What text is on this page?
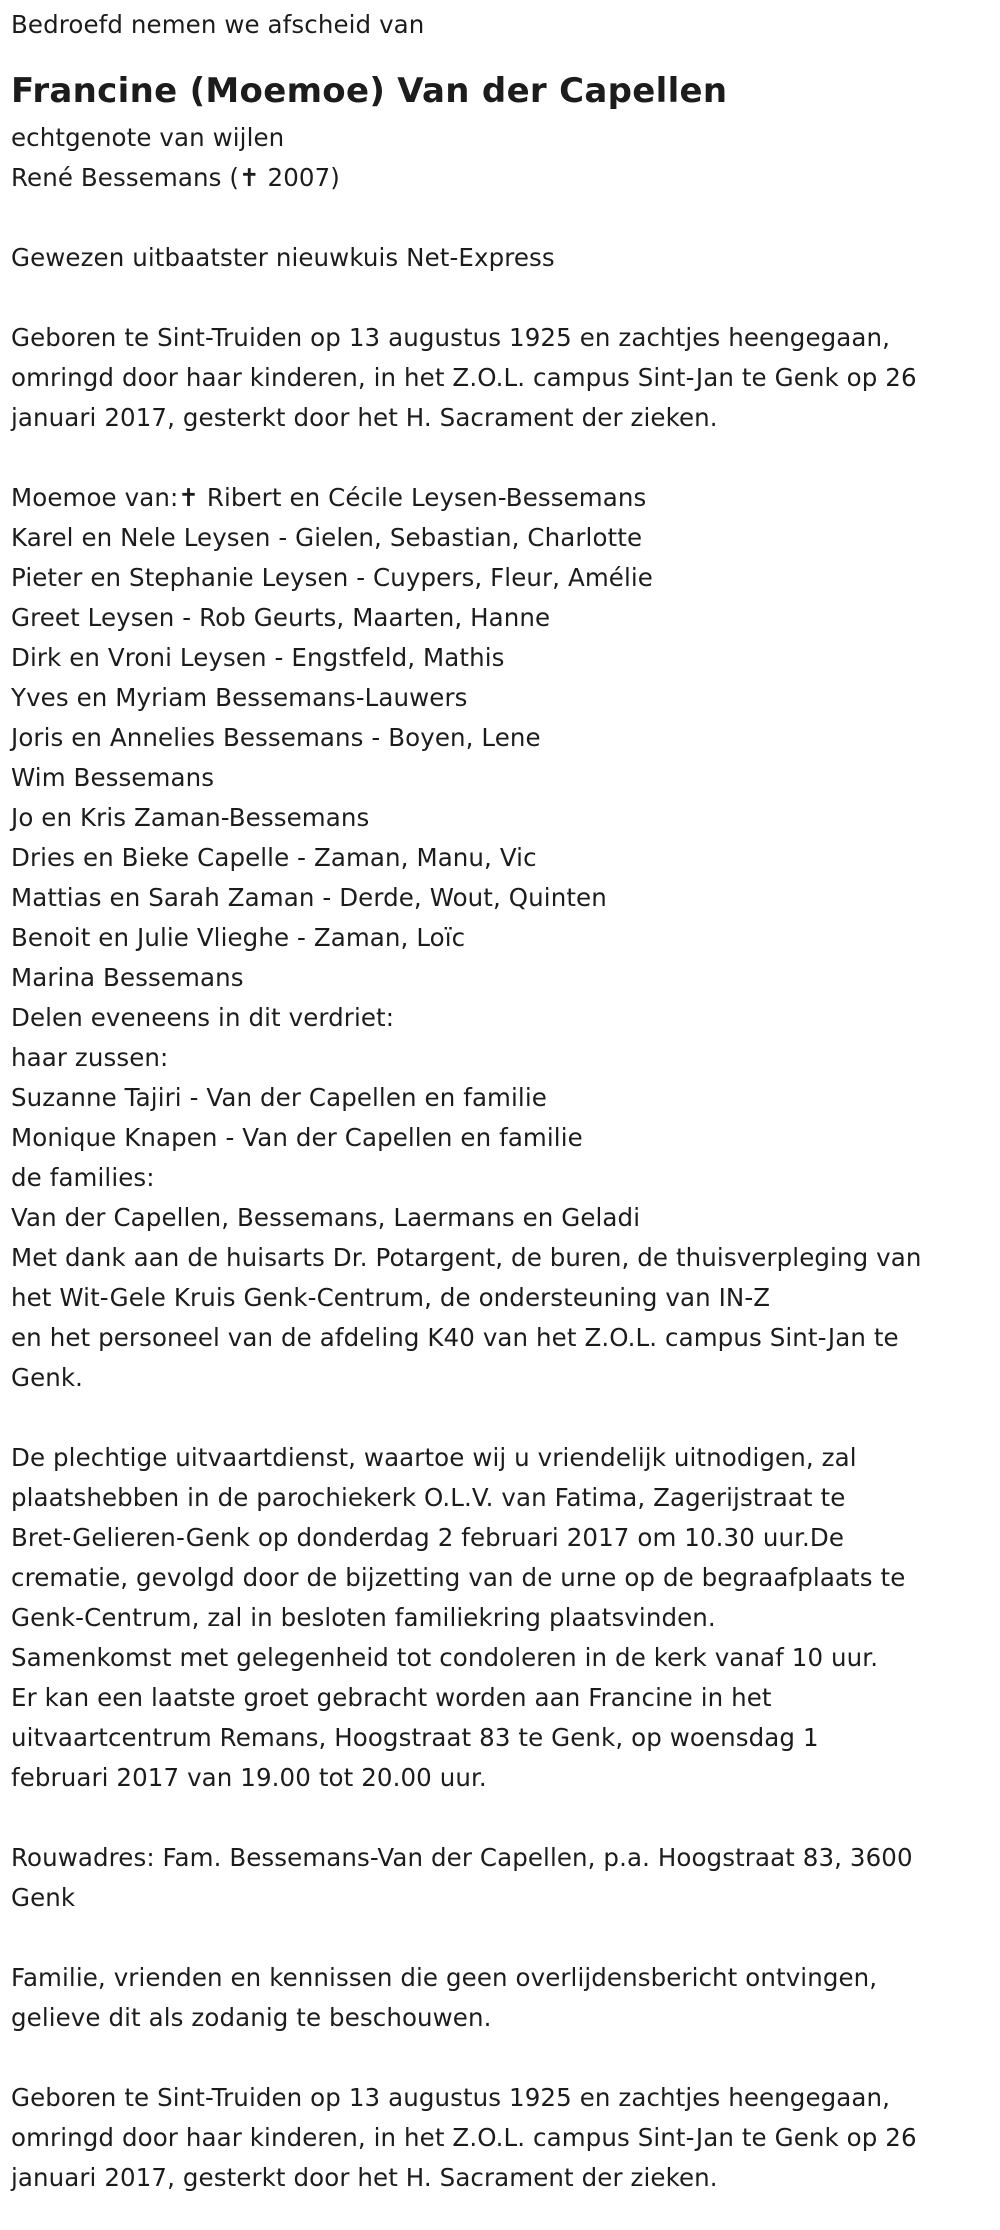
Bedroefd nemen we afscheid van
Francine (Moemoe) Van der Capellen
echtgenote van wijlen
René Bessemans (✝ 2007)
Gewezen uitbaatster nieuwkuis Net-Express
Geboren te Sint-Truiden op 13 augustus 1925 en zachtjes heengegaan,
omringd door haar kinderen, in het Z.O.L. campus Sint-Jan te Genk op 26
januari 2017, gesterkt door het H. Sacrament der zieken.
Moemoe van:✝ Ribert en Cécile Leysen-Bessemans
Karel en Nele Leysen - Gielen, Sebastian, Charlotte
Pieter en Stephanie Leysen - Cuypers, Fleur, Amélie
Greet Leysen - Rob Geurts, Maarten, Hanne
Dirk en Vroni Leysen - Engstfeld, Mathis
Yves en Myriam Bessemans-Lauwers
Joris en Annelies Bessemans - Boyen, Lene
Wim Bessemans
Jo en Kris Zaman-Bessemans
Dries en Bieke Capelle - Zaman, Manu, Vic
Mattias en Sarah Zaman - Derde, Wout, Quinten
Benoit en Julie Vlieghe - Zaman, Loïc
Marina Bessemans
Delen eveneens in dit verdriet:
haar zussen:
Suzanne Tajiri - Van der Capellen en familie
Monique Knapen - Van der Capellen en familie
de families:
Van der Capellen, Bessemans, Laermans en Geladi
Met dank aan de huisarts Dr. Potargent, de buren, de thuisverpleging van
het Wit-Gele Kruis Genk-Centrum, de ondersteuning van IN-Z
en het personeel van de afdeling K40 van het Z.O.L. campus Sint-Jan te
Genk.
De plechtige uitvaartdienst, waartoe wij u vriendelijk uitnodigen, zal
plaatshebben in de parochiekerk O.L.V. van Fatima, Zagerijstraat te
Bret-Gelieren-Genk op donderdag 2 februari 2017 om 10.30 uur.De
crematie, gevolgd door de bijzetting van de urne op de begraafplaats te
Genk-Centrum, zal in besloten familiekring plaatsvinden.
Samenkomst met gelegenheid tot condoleren in de kerk vanaf 10 uur.
Er kan een laatste groet gebracht worden aan Francine in het
uitvaartcentrum Remans, Hoogstraat 83 te Genk, op woensdag 1
februari 2017 van 19.00 tot 20.00 uur.
Rouwadres: Fam. Bessemans-Van der Capellen, p.a. Hoogstraat 83, 3600
Genk
Familie, vrienden en kennissen die geen overlijdensbericht ontvingen,
gelieve dit als zodanig te beschouwen.
Geboren te Sint-Truiden op 13 augustus 1925 en zachtjes heengegaan,
omringd door haar kinderen, in het Z.O.L. campus Sint-Jan te Genk op 26
januari 2017, gesterkt door het H. Sacrament der zieken.
